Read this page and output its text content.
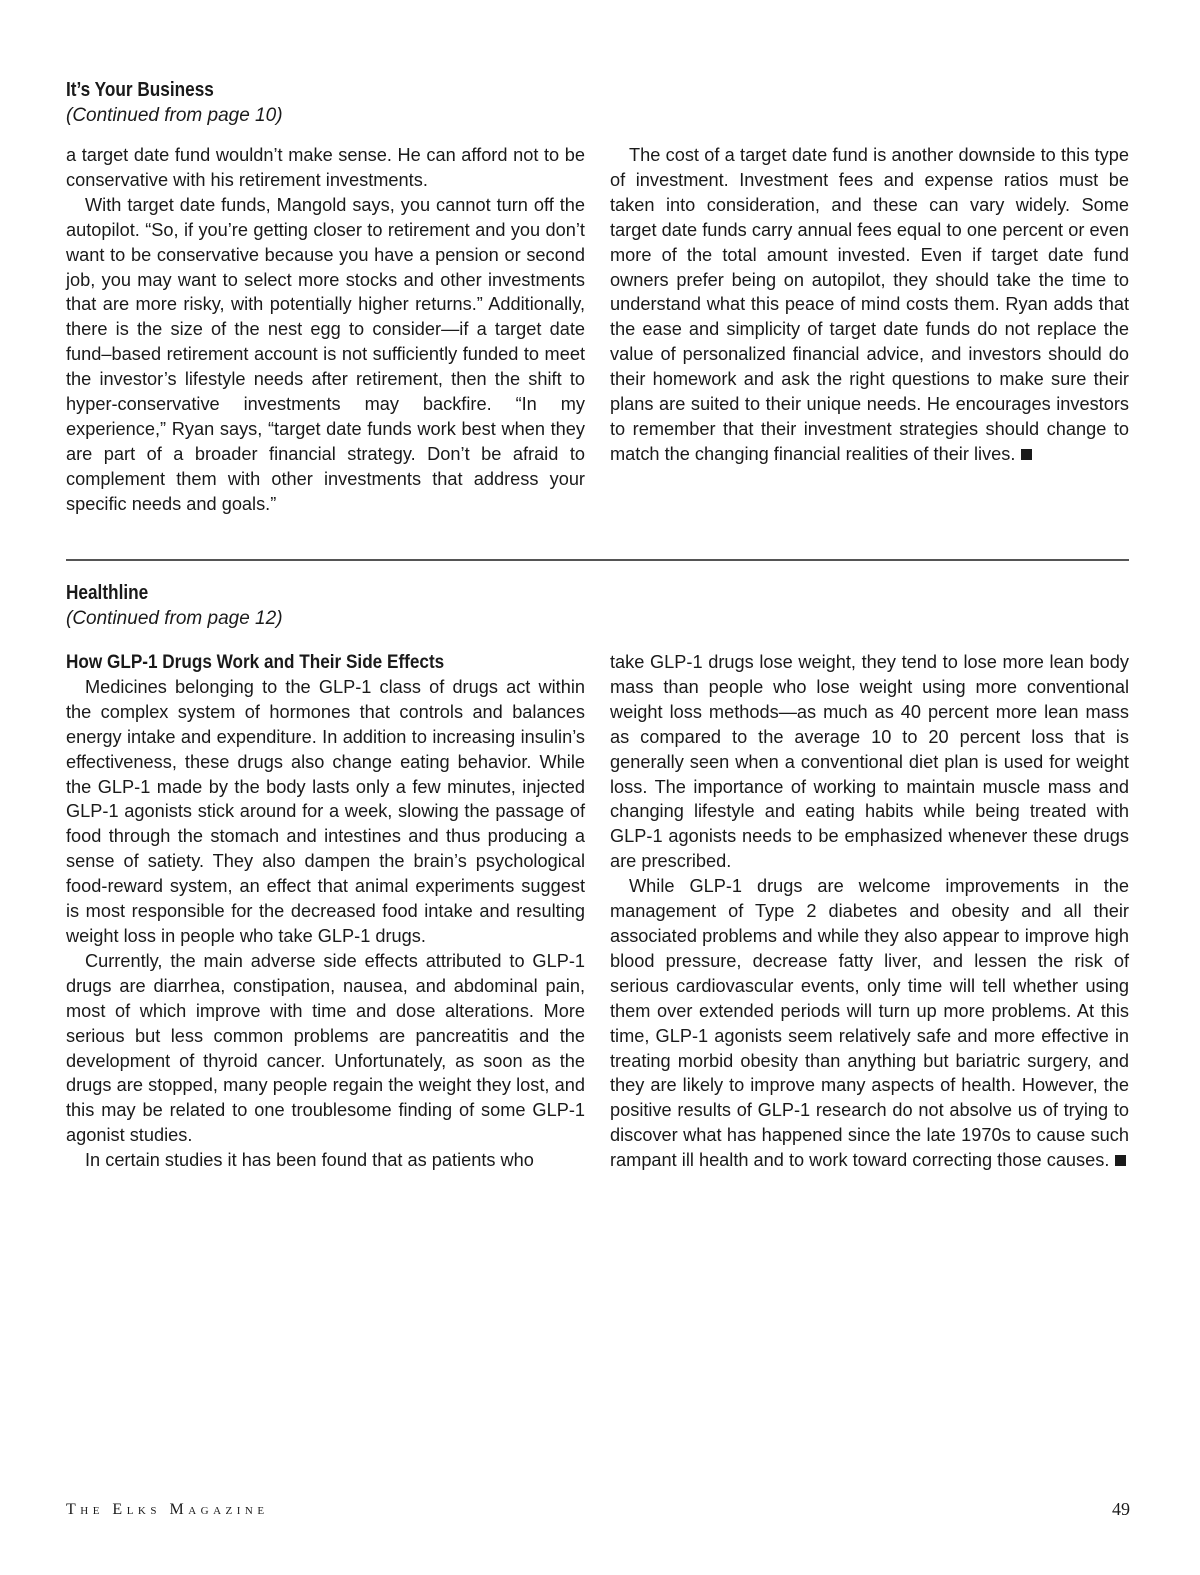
It’s Your Business

(Continued from page 10)

a target date fund wouldn’t make sense. He can afford not to be conservative with his retirement investments.

With target date funds, Mangold says, you cannot turn off the autopilot. “So, if you’re getting closer to retirement and you don’t want to be conservative because you have a pension or second job, you may want to select more stocks and other investments that are more risky, with potentially higher returns.” Additionally, there is the size of the nest egg to consider—if a target date fund–based retirement account is not sufficiently funded to meet the investor’s lifestyle needs after retirement, then the shift to hyper-conservative investments may backfire. “In my experience,” Ryan says, “target date funds work best when they are part of a broader financial strategy. Don’t be afraid to complement them with other investments that address your specific needs and goals.”

The cost of a target date fund is another downside to this type of investment. Investment fees and expense ratios must be taken into consideration, and these can vary widely. Some target date funds carry annual fees equal to one percent or even more of the total amount invested. Even if target date fund owners prefer being on autopilot, they should take the time to understand what this peace of mind costs them. Ryan adds that the ease and simplicity of target date funds do not replace the value of personalized financial advice, and investors should do their homework and ask the right questions to make sure their plans are suited to their unique needs. He encourages investors to remember that their investment strategies should change to match the changing financial realities of their lives.

Healthline

(Continued from page 12)

How GLP-1 Drugs Work and Their Side Effects

Medicines belonging to the GLP-1 class of drugs act within the complex system of hormones that controls and balances energy intake and expenditure. In addition to increasing insulin’s effectiveness, these drugs also change eating behavior. While the GLP-1 made by the body lasts only a few minutes, injected GLP-1 agonists stick around for a week, slowing the passage of food through the stomach and intestines and thus producing a sense of satiety. They also dampen the brain’s psychological food-reward system, an effect that animal experiments suggest is most responsible for the decreased food intake and resulting weight loss in people who take GLP-1 drugs.

Currently, the main adverse side effects attributed to GLP-1 drugs are diarrhea, constipation, nausea, and abdominal pain, most of which improve with time and dose alterations. More serious but less common problems are pancreatitis and the development of thyroid cancer. Unfortunately, as soon as the drugs are stopped, many people regain the weight they lost, and this may be related to one troublesome finding of some GLP-1 agonist studies.

In certain studies it has been found that as patients who

take GLP-1 drugs lose weight, they tend to lose more lean body mass than people who lose weight using more conventional weight loss methods—as much as 40 percent more lean mass as compared to the average 10 to 20 percent loss that is generally seen when a conventional diet plan is used for weight loss. The importance of working to maintain muscle mass and changing lifestyle and eating habits while being treated with GLP-1 agonists needs to be emphasized whenever these drugs are prescribed.

While GLP-1 drugs are welcome improvements in the management of Type 2 diabetes and obesity and all their associated problems and while they also appear to improve high blood pressure, decrease fatty liver, and lessen the risk of serious cardiovascular events, only time will tell whether using them over extended periods will turn up more problems. At this time, GLP-1 agonists seem relatively safe and more effective in treating morbid obesity than anything but bariatric surgery, and they are likely to improve many aspects of health. However, the positive results of GLP-1 research do not absolve us of trying to discover what has happened since the late 1970s to cause such rampant ill health and to work toward correcting those causes.

The Elks Magazine	49
